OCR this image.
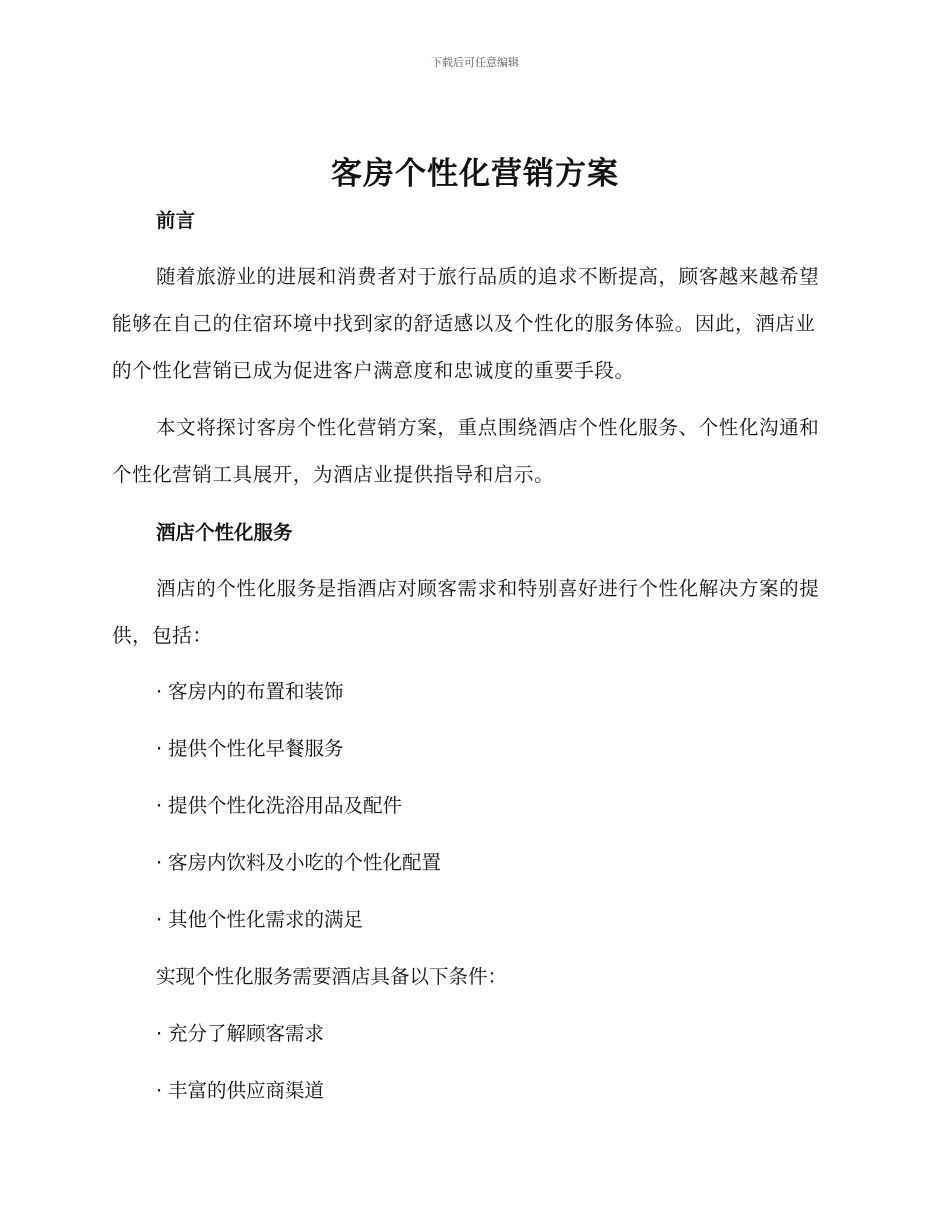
下载后可任意编辑
客房个性化营销方案
前言

随着旅游业的进展和消费者对于旅行品质的追求不断提高，顾客越来越希望能够在自己的住宿环境中找到家的舒适感以及个性化的服务体验。因此，酒店业的个性化营销已成为促进客户满意度和忠诚度的重要手段。

本文将探讨客房个性化营销方案，重点围绕酒店个性化服务、个性化沟通和个性化营销工具展开，为酒店业提供指导和启示。

酒店个性化服务

酒店的个性化服务是指酒店对顾客需求和特别喜好进行个性化解决方案的提供，包括：

· 客房内的布置和装饰

· 提供个性化早餐服务

· 提供个性化洗浴用品及配件

· 客房内饮料及小吃的个性化配置

· 其他个性化需求的满足

实现个性化服务需要酒店具备以下条件：

· 充分了解顾客需求

· 丰富的供应商渠道
